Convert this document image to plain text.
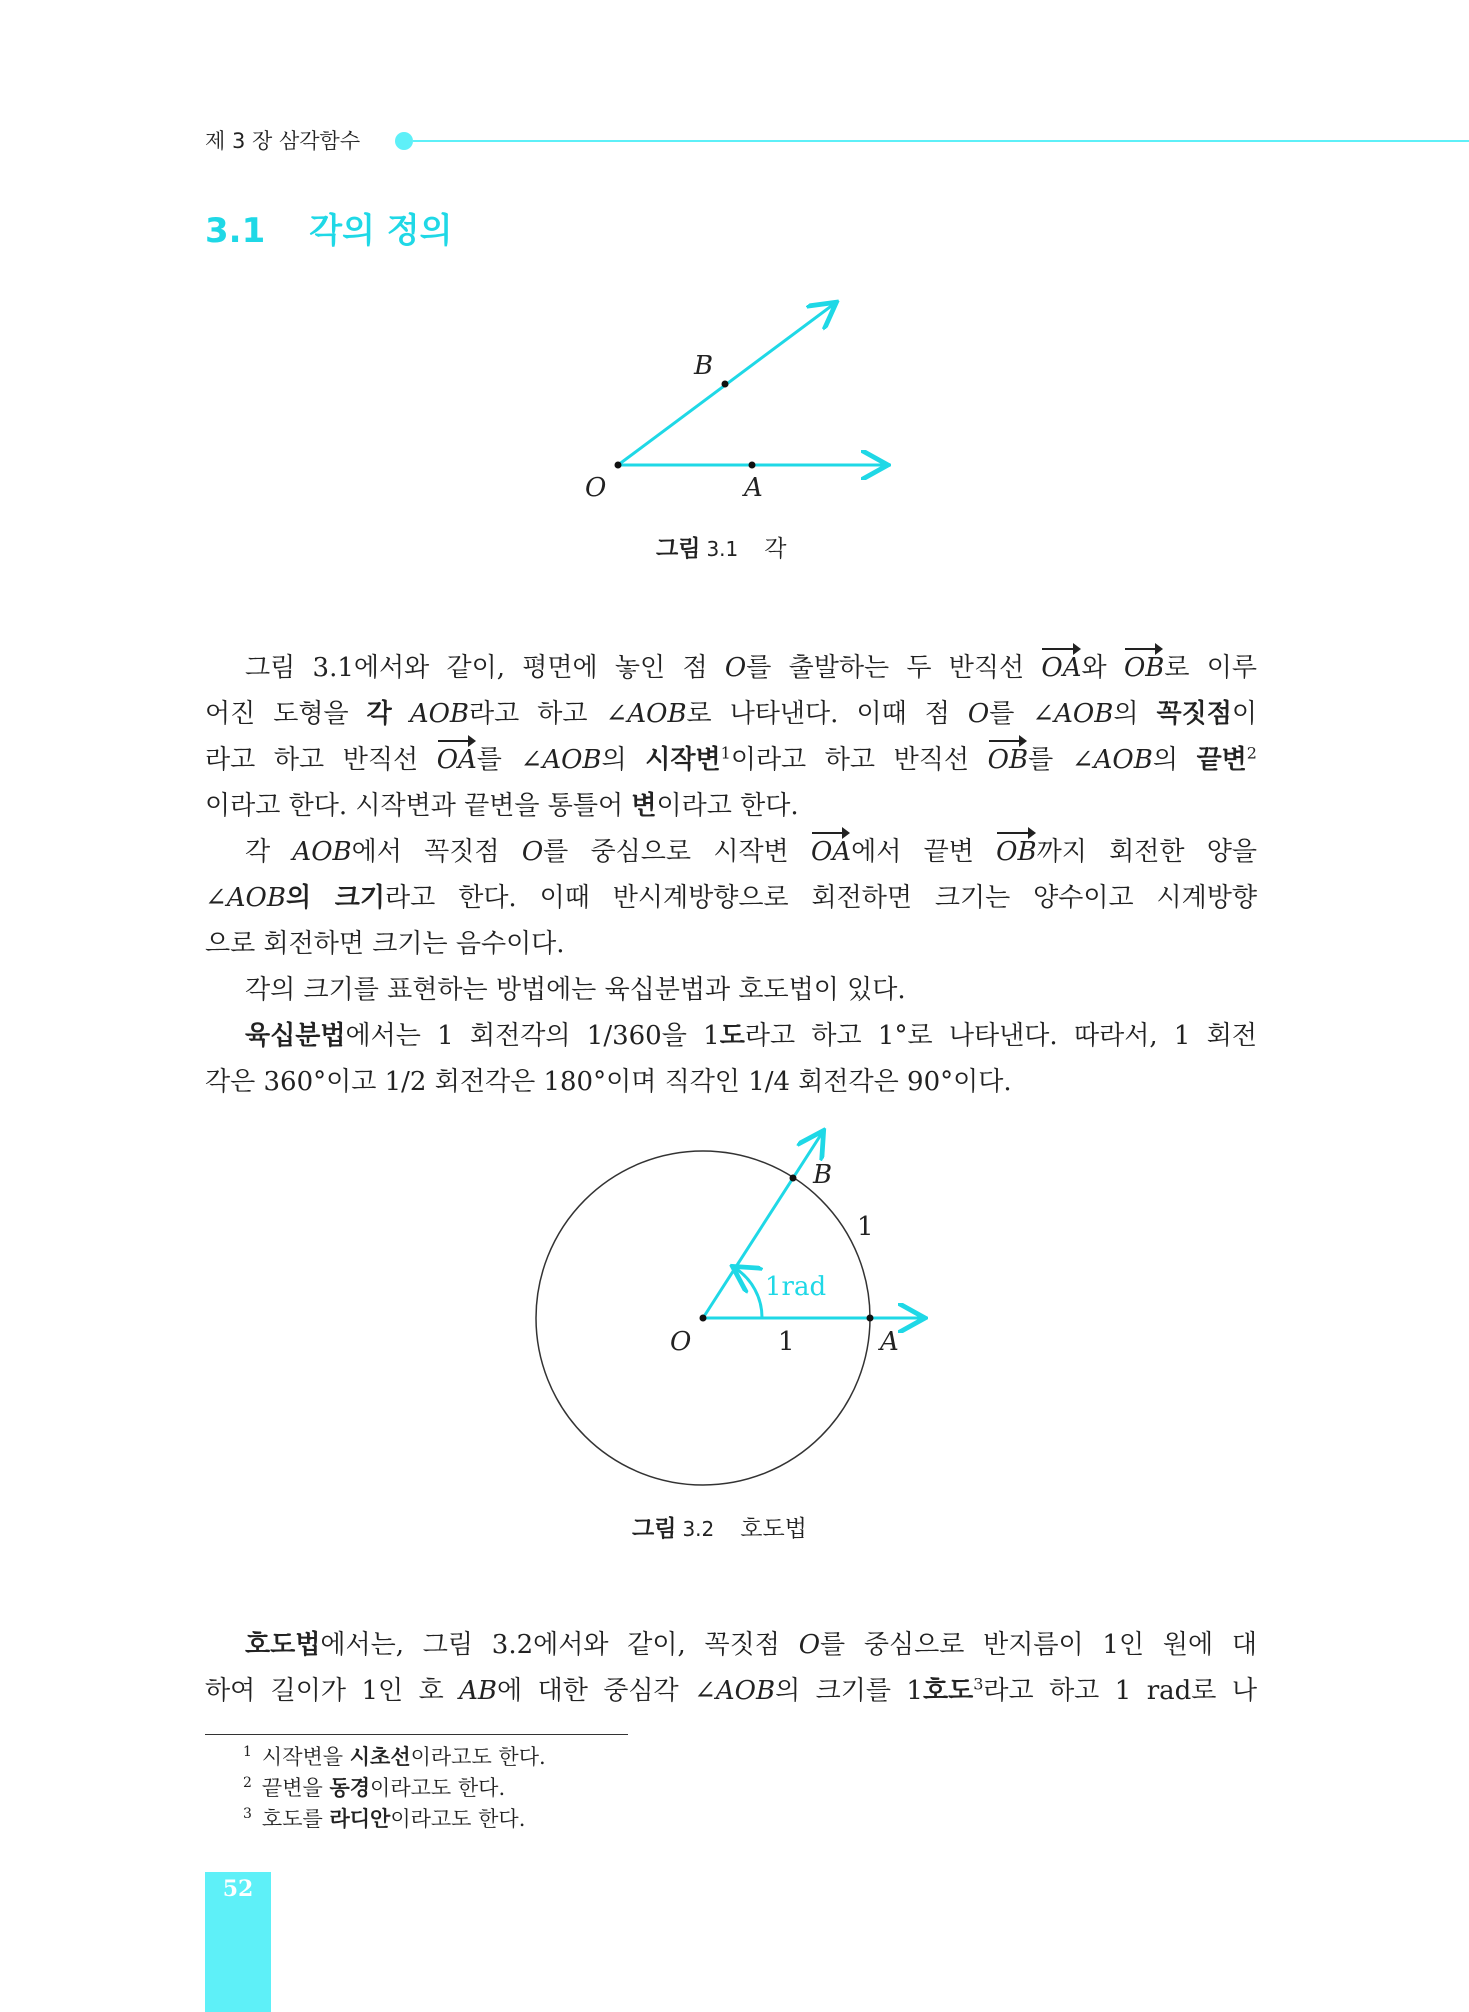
제 3 장 삼각함수
3.1 각의 정의
B
O	A
그림 3.1 각
그림 3.1에서와 같이, 평면에 놓인 점 O를 출발하는 두 반직선 OA와 OB로 이루
어진 도형을 각 AOB라고 하고 ∠AOB로 나타낸다. 이때 점 O를 ∠AOB의 꼭짓점이
라고 하고 반직선 OA를 ∠AOB의 시작변$^1$이라고 하고 반직선 OB를 ∠AOB의 끝변$^2$
이라고 한다. 시작변과 끝변을 통틀어 변이라고 한다.
각 AOB에서 꼭짓점 O를 중심으로 시작변 OA에서 끝변 OB까지 회전한 양을
∠AOB의 크기라고 한다. 이때 반시계방향으로 회전하면 크기는 양수이고 시계방향
으로 회전하면 크기는 음수이다.
각의 크기를 표현하는 방법에는 육십분법과 호도법이 있다.
육십분법에서는 1 회전각의 1/360을 1도라고 하고 1°로 나타낸다. 따라서, 1 회전
각은 360°이고 1/2 회전각은 180°이며 직각인 1/4 회전각은 90°이다.
B
1
1rad
O	1	A
그림 3.2 호도법
호도법에서는, 그림 3.2에서와 같이, 꼭짓점 O를 중심으로 반지름이 1인 원에 대
하여 길이가 1인 호 AB에 대한 중심각 ∠AOB의 크기를 1호도$^3$라고 하고 1 rad로 나
$^1$ 시작변을 시초선이라고도 한다.
$^2$ 끝변을 동경이라고도 한다.
$^3$ 호도를 라디안이라고도 한다.
52
